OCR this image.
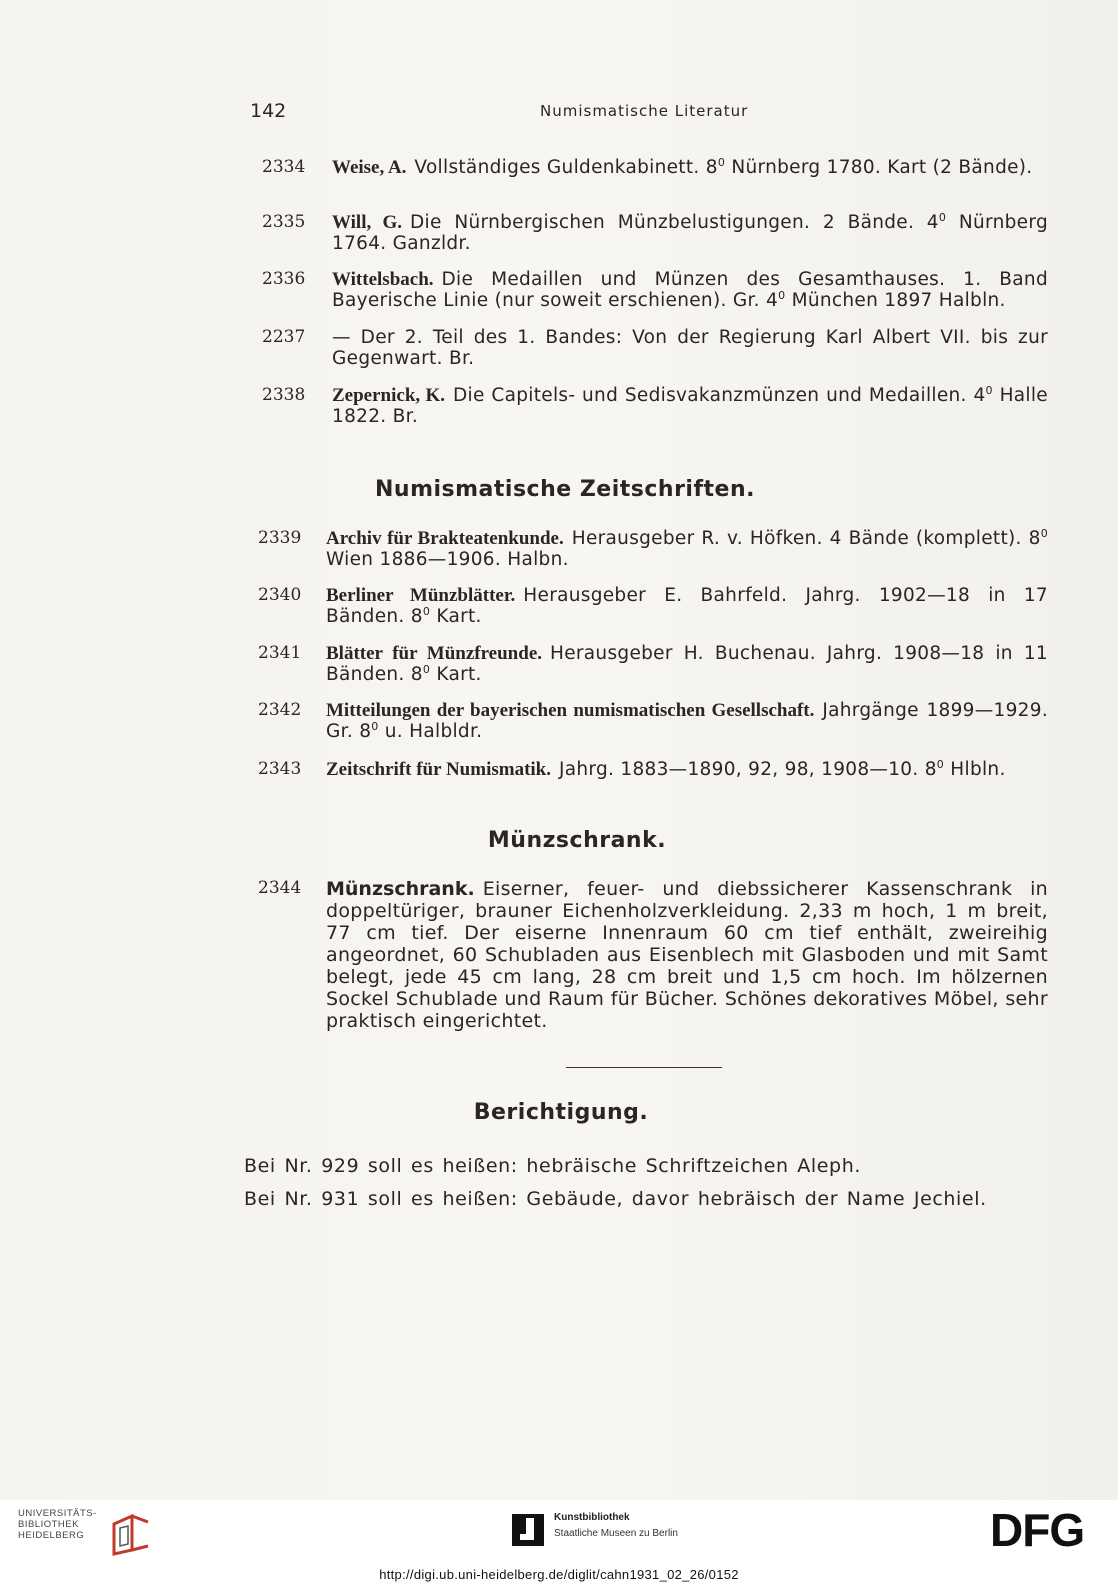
142	Numismatische Literatur
2334 Weise, A. Vollständiges Guldenkabinett. $8^0$ Nürnberg 1780. Kart (2 Bände).
2335 Will, G. Die Nürnbergischen Münzbelustigungen. 2 Bände. $4^0$ Nürnberg 1764. Ganzldr.
2336 Wittelsbach. Die Medaillen und Münzen des Gesamthauses. 1. Band Bayerische Linie (nur soweit erschienen). Gr. $4^0$ München 1897 Halbln.
2237 — Der 2. Teil des 1. Bandes: Von der Regierung Karl Albert VII. bis zur Gegenwart. Br.
2338 Zepernick, K. Die Capitels- und Sedisvakanzmünzen und Medaillen. $4^0$ Halle 1822. Br.
Numismatische Zeitschriften.
2339 Archiv für Brakteatenkunde. Herausgeber R. v. Höfken. 4 Bände (komplett). $8^0$ Wien 1886—1906. Halbn.
2340 Berliner Münzblätter. Herausgeber E. Bahrfeld. Jahrg. 1902—18 in 17 Bänden. $8^0$ Kart.
2341 Blätter für Münzfreunde. Herausgeber H. Buchenau. Jahrg. 1908—18 in 11 Bänden. $8^0$ Kart.
2342 Mitteilungen der bayerischen numismatischen Gesellschaft. Jahrgänge 1899—1929. Gr. $8^0$ u. Halbldr.
2343 Zeitschrift für Numismatik. Jahrg. 1883—1890, 92, 98, 1908—10. $8^0$ Hlbln.
Münzschrank.
2344 Münzschrank. Eiserner, feuer- und diebssicherer Kassenschrank in doppeltüriger, brauner Eichenholzverkleidung. 2,33 m hoch, 1 m breit, 77 cm tief. Der eiserne Innenraum 60 cm tief enthält, zweireihig angeordnet, 60 Schubladen aus Eisenblech mit Glasboden und mit Samt belegt, jede 45 cm lang, 28 cm breit und 1,5 cm hoch. Im hölzernen Sockel Schublade und Raum für Bücher. Schönes dekoratives Möbel, sehr praktisch eingerichtet.
Berichtigung.
Bei Nr. 929 soll es heißen: hebräische Schriftzeichen Aleph.
Bei Nr. 931 soll es heißen: Gebäude, davor hebräisch der Name Jechiel.
UNIVERSITÄTS-
BIBLIOTHEK
HEIDELBERG
Kunstbibliothek
Staatliche Museen zu Berlin	DFG
http://digi.ub.uni-heidelberg.de/diglit/cahn1931_02_26/0152
